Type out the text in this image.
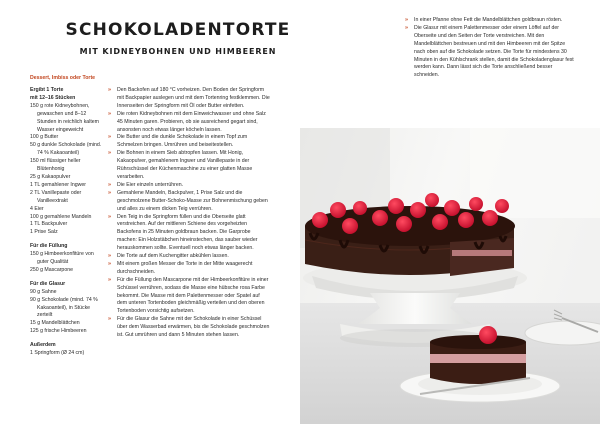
SCHOKOLADENTORTE
MIT KIDNEYBOHNEN UND HIMBEEREN
Dessert, Imbiss oder Torte
Ergibt 1 Torte
mit 12–16 Stücken
150 g rote Kidneybohnen, gewaschen und 8–12 Stunden in reichlich kaltem Wasser eingeweicht
100 g Butter
50 g dunkle Schokolade (mind. 74 % Kakaoanteil)
150 ml flüssiger heller Blütenhonig
25 g Kakaopulver
1 TL gemahlener Ingwer
2 TL Vanillepaste oder Vanilleextrakt
4 Eier
100 g gemahlene Mandeln
1 TL Backpulver
1 Prise Salz
Für die Füllung
150 g Himbeerkonfitüre von guter Qualität
250 g Mascarpone
Für die Glasur
90 g Sahne
90 g Schokolade (mind. 74 % Kakaoanteil), in Stücke zerteilt
15 g Mandelblättchen
125 g frische Himbeeren
Außerdem
1 Springform (Ø 24 cm)
» Den Backofen auf 180 °C vorheizen. Den Boden der Springform mit Backpapier auslegen und mit dem Tortenring festklemmen. Die Innenseiten der Springform mit Öl oder Butter einfetten.
» Die roten Kidneybohnen mit dem Einweichwasser und ohne Salz 45 Minuten garen. Probieren, ob sie ausreichend gegart sind, ansonsten noch etwas länger köcheln lassen.
» Die Butter und die dunkle Schokolade in einem Topf zum Schmelzen bringen. Umrühren und beiseitestellen.
» Die Bohnen in einem Sieb abtropfen lassen. Mit Honig, Kakaopulver, gemahlenem Ingwer und Vanillepaste in der Rührschüssel der Küchenmaschine zu einer glatten Masse verarbeiten.
» Die Eier einzeln unterrühren.
» Gemahlene Mandeln, Backpulver, 1 Prise Salz und die geschmolzene Butter-Schoko-Masse zur Bohnenmischung geben und alles zu einem dicken Teig verrühren.
» Den Teig in die Springform füllen und die Oberseite glatt verstreichen. Auf der mittleren Schiene des vorgeheizten Backofens in 25 Minuten goldbraun backen. Die Garprobe machen: Ein Holzstäbchen hineinstechen, das sauber wieder herauskommen sollte. Eventuell noch etwas länger backen.
» Die Torte auf dem Kuchengitter abkühlen lassen.
» Mit einem großen Messer die Torte in der Mitte waagerecht durchschneiden.
» Für die Füllung den Mascarpone mit der Himbeerkonfitüre in einer Schüssel verrühren, sodass die Masse eine hübsche rosa Farbe bekommt. Die Masse mit dem Palettenmesser oder Spatel auf dem unteren Tortenboden gleichmäßig verteilen und den oberen Tortenboden vorsichtig aufsetzen.
» Für die Glasur die Sahne mit der Schokolade in einer Schüssel über dem Wasserbad erwärmen, bis die Schokolade geschmolzen ist. Gut umrühren und dann 5 Minuten stehen lassen.
» In einer Pfanne ohne Fett die Mandelblättchen goldbraun rösten.
» Die Glasur mit einem Palettenmesser oder einem Löffel auf der Oberseite und den Seiten der Torte verstreichen. Mit den Mandelblättchen bestreuen und mit den Himbeeren mit der Spitze nach oben auf die Schokolade setzen. Die Torte für mindestens 30 Minuten in den Kühlschrank stellen, damit die Schokoladenglasur fest werden kann. Dann lässt sich die Torte anschließend besser schneiden.
